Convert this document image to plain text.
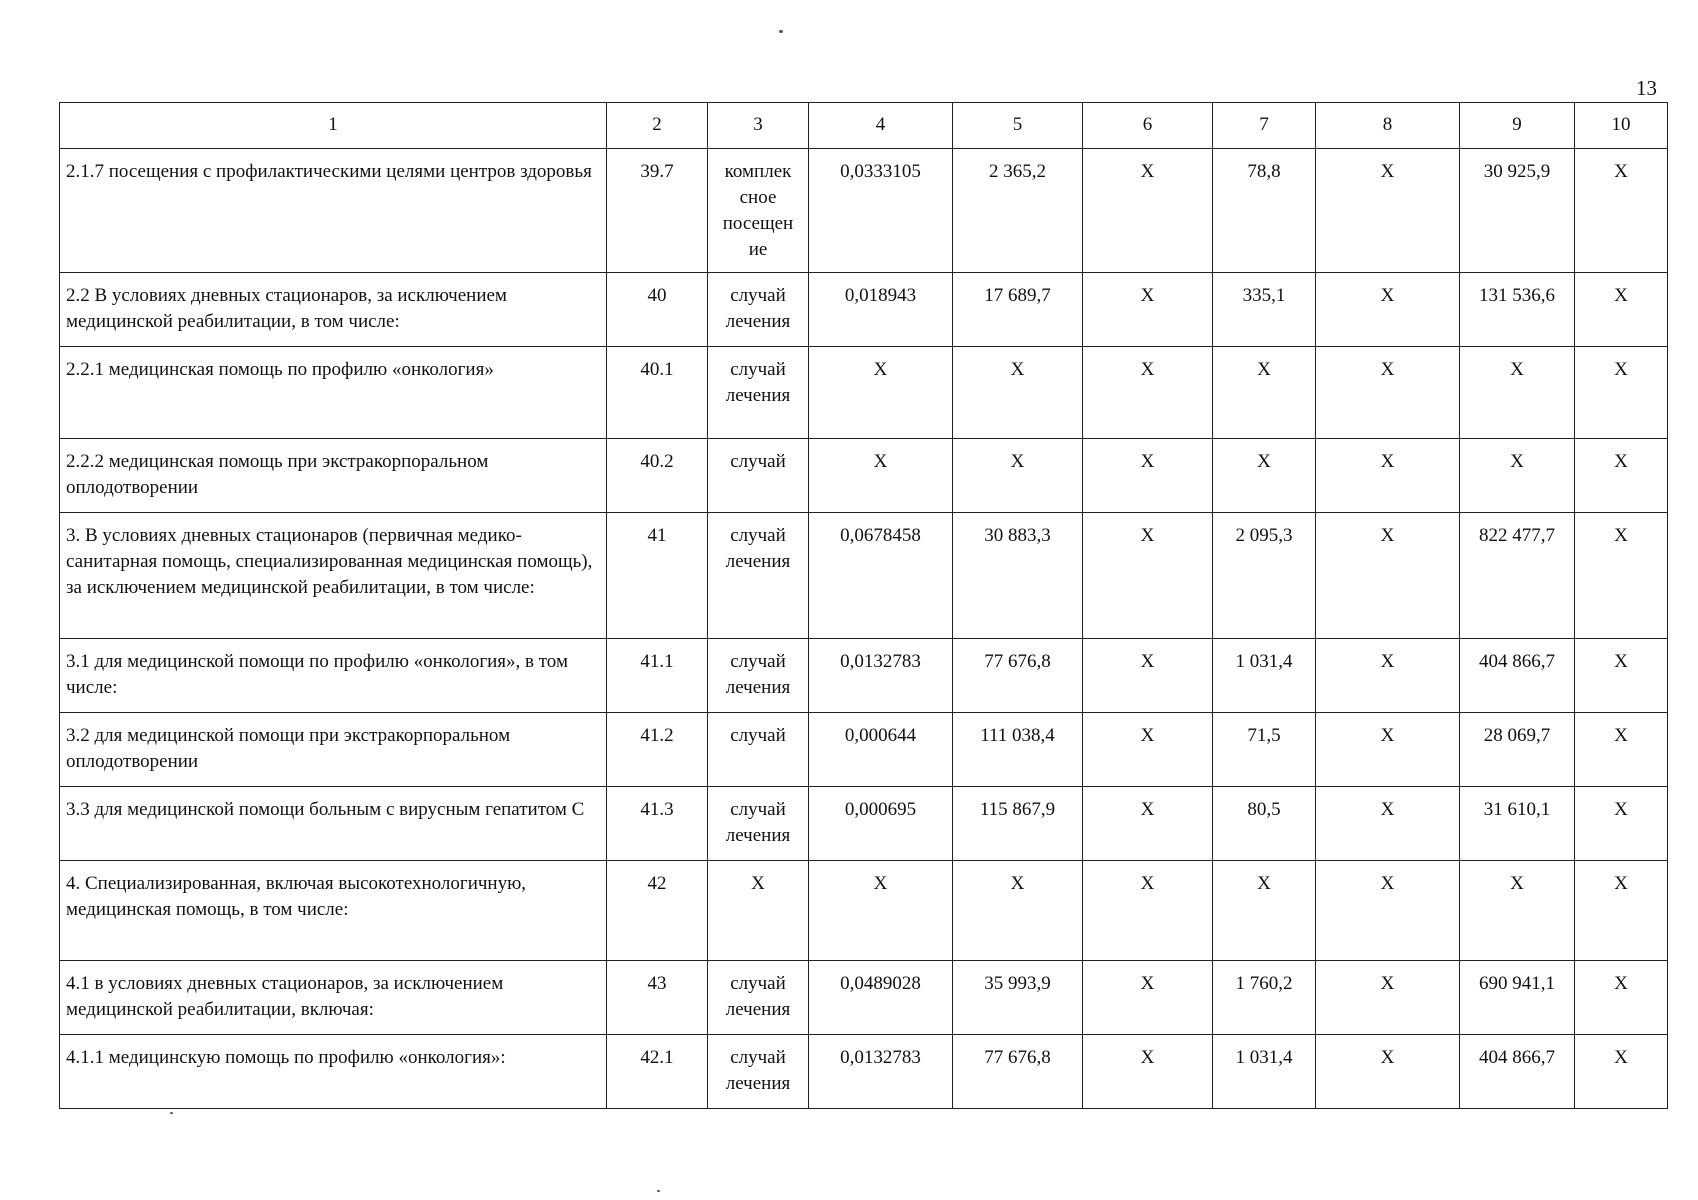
13
1	2	3	4	5	6	7	8	9	10
2.1.7 посещения с профилактическими целями центров здоровья	39.7	комплек сное посещен ие	0,0333105	2 365,2	X	78,8	X	30 925,9	X
2.2 В условиях дневных стационаров, за исключением медицинской реабилитации, в том числе:	40	случай лечения	0,018943	17 689,7	X	335,1	X	131 536,6	X
2.2.1 медицинская помощь по профилю «онкология»	40.1	случай лечения	X	X	X	X	X	X	X
2.2.2 медицинская помощь при экстракорпоральном оплодотворении	40.2	случай	X	X	X	X	X	X	X
3. В условиях дневных стационаров (первичная медико-санитарная помощь, специализированная медицинская помощь), за исключением медицинской реабилитации, в том числе:	41	случай лечения	0,0678458	30 883,3	X	2 095,3	X	822 477,7	X
3.1 для медицинской помощи по профилю «онкология», в том числе:	41.1	случай лечения	0,0132783	77 676,8	X	1 031,4	X	404 866,7	X
3.2 для медицинской помощи при экстракорпоральном оплодотворении	41.2	случай	0,000644	111 038,4	X	71,5	X	28 069,7	X
3.3 для медицинской помощи больным с вирусным гепатитом С	41.3	случай лечения	0,000695	115 867,9	X	80,5	X	31 610,1	X
4. Специализированная, включая высокотехнологичную, медицинская помощь, в том числе:	42	X	X	X	X	X	X	X	X
4.1 в условиях дневных стационаров, за исключением медицинской реабилитации, включая:	43	случай лечения	0,0489028	35 993,9	X	1 760,2	X	690 941,1	X
4.1.1 медицинскую помощь по профилю «онкология»:	42.1	случай лечения	0,0132783	77 676,8	X	1 031,4	X	404 866,7	X
